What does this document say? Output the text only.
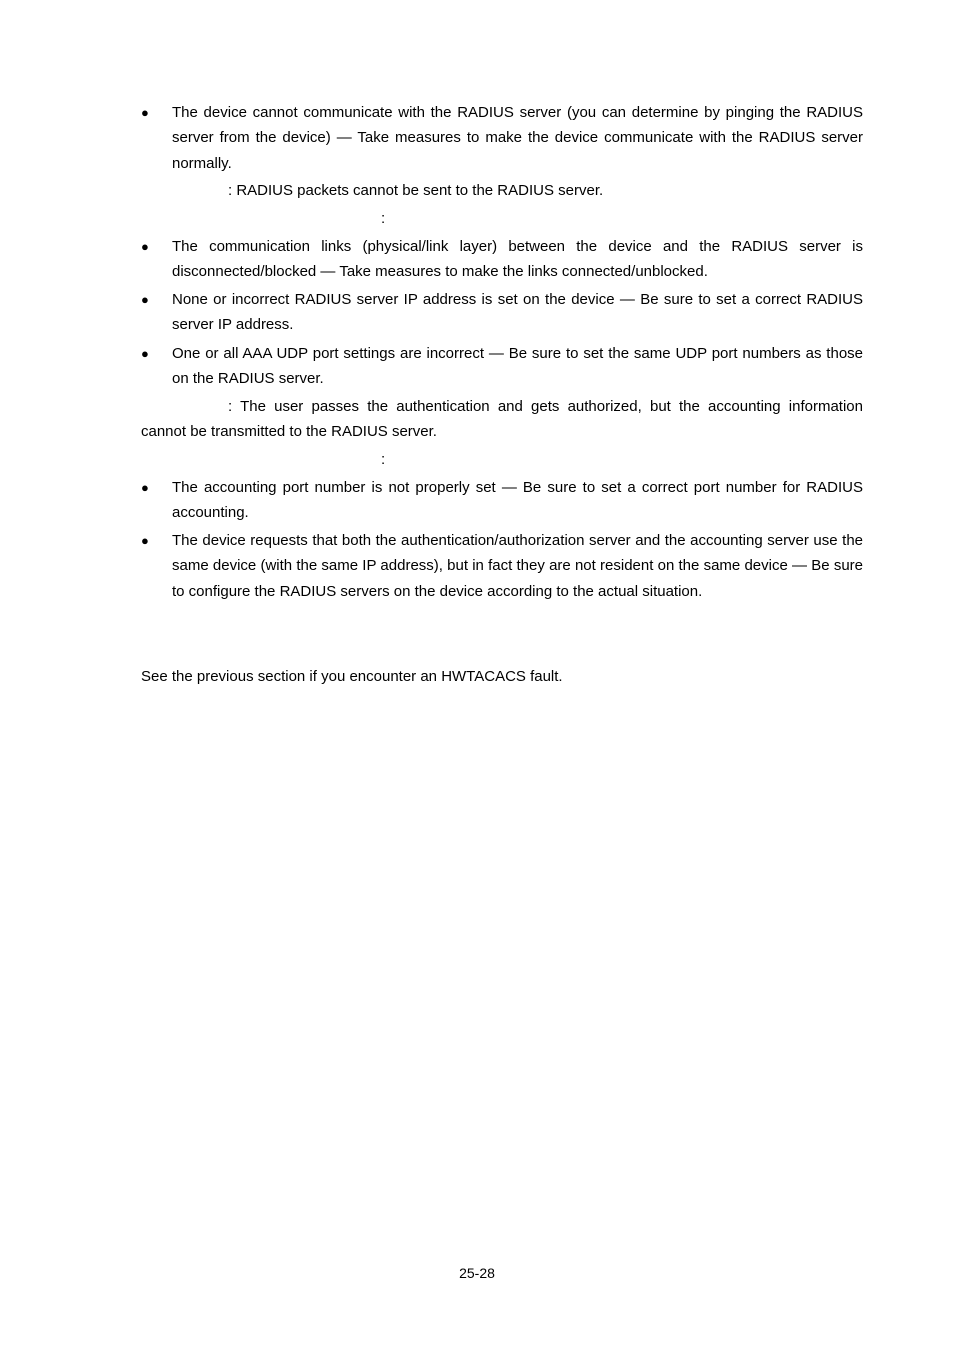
●	The device cannot communicate with the RADIUS server (you can determine by pinging the RADIUS server from the device) — Take measures to make the device communicate with the RADIUS server normally.
: RADIUS packets cannot be sent to the RADIUS server.
:
●	The communication links (physical/link layer) between the device and the RADIUS server is disconnected/blocked — Take measures to make the links connected/unblocked.
●	None or incorrect RADIUS server IP address is set on the device — Be sure to set a correct RADIUS server IP address.
●	One or all AAA UDP port settings are incorrect — Be sure to set the same UDP port numbers as those on the RADIUS server.
: The user passes the authentication and gets authorized, but the accounting information
cannot be transmitted to the RADIUS server.
:
●	The accounting port number is not properly set — Be sure to set a correct port number for RADIUS accounting.
●	The device requests that both the authentication/authorization server and the accounting server use the same device (with the same IP address), but in fact they are not resident on the same device — Be sure to configure the RADIUS servers on the device according to the actual situation.
See the previous section if you encounter an HWTACACS fault.
25-28
